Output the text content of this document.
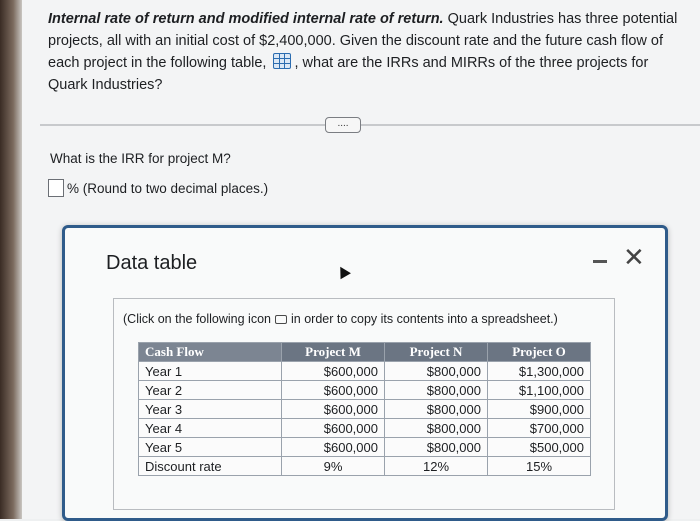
Internal rate of return and modified internal rate of return. Quark Industries has three potential projects, all with an initial cost of $2,400,000. Given the discount rate and the future cash flow of each project in the following table, , what are the IRRs and MIRRs of the three projects for Quark Industries?
....
What is the IRR for project M?
% (Round to two decimal places.)
Data table	✕
(Click on the following icon in order to copy its contents into a spreadsheet.)
Cash Flow	Project M	Project N	Project O
Year 1	$600,000	$800,000	$1,300,000
Year 2	$600,000	$800,000	$1,100,000
Year 3	$600,000	$800,000	$900,000
Year 4	$600,000	$800,000	$700,000
Year 5	$600,000	$800,000	$500,000
Discount rate	9%	12%	15%
